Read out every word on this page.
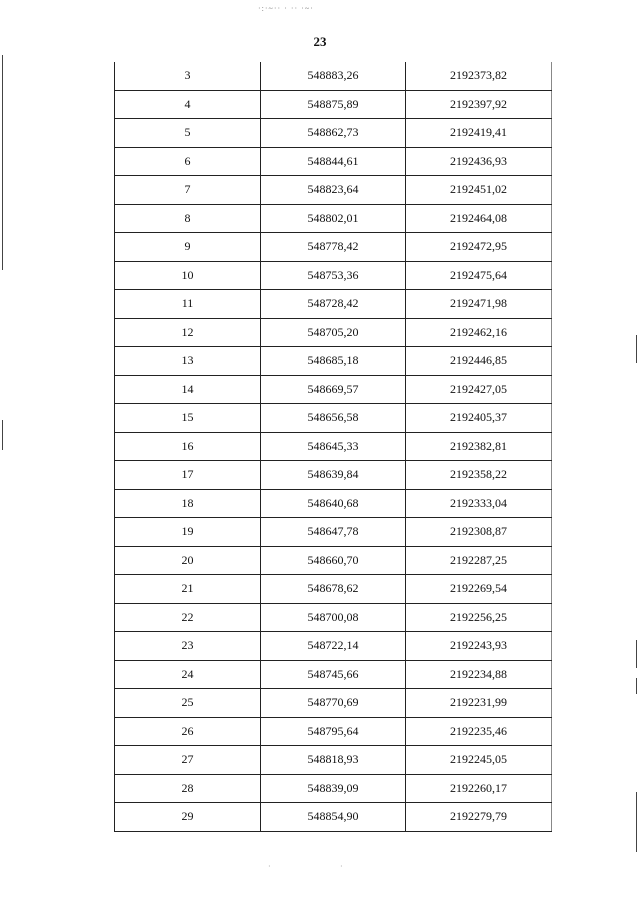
·:·~·· · ·· ·~·
·	·
23
3	548883,26	2192373,82
4	548875,89	2192397,92
5	548862,73	2192419,41
6	548844,61	2192436,93
7	548823,64	2192451,02
8	548802,01	2192464,08
9	548778,42	2192472,95
10	548753,36	2192475,64
11	548728,42	2192471,98
12	548705,20	2192462,16
13	548685,18	2192446,85
14	548669,57	2192427,05
15	548656,58	2192405,37
16	548645,33	2192382,81
17	548639,84	2192358,22
18	548640,68	2192333,04
19	548647,78	2192308,87
20	548660,70	2192287,25
21	548678,62	2192269,54
22	548700,08	2192256,25
23	548722,14	2192243,93
24	548745,66	2192234,88
25	548770,69	2192231,99
26	548795,64	2192235,46
27	548818,93	2192245,05
28	548839,09	2192260,17
29	548854,90	2192279,79
